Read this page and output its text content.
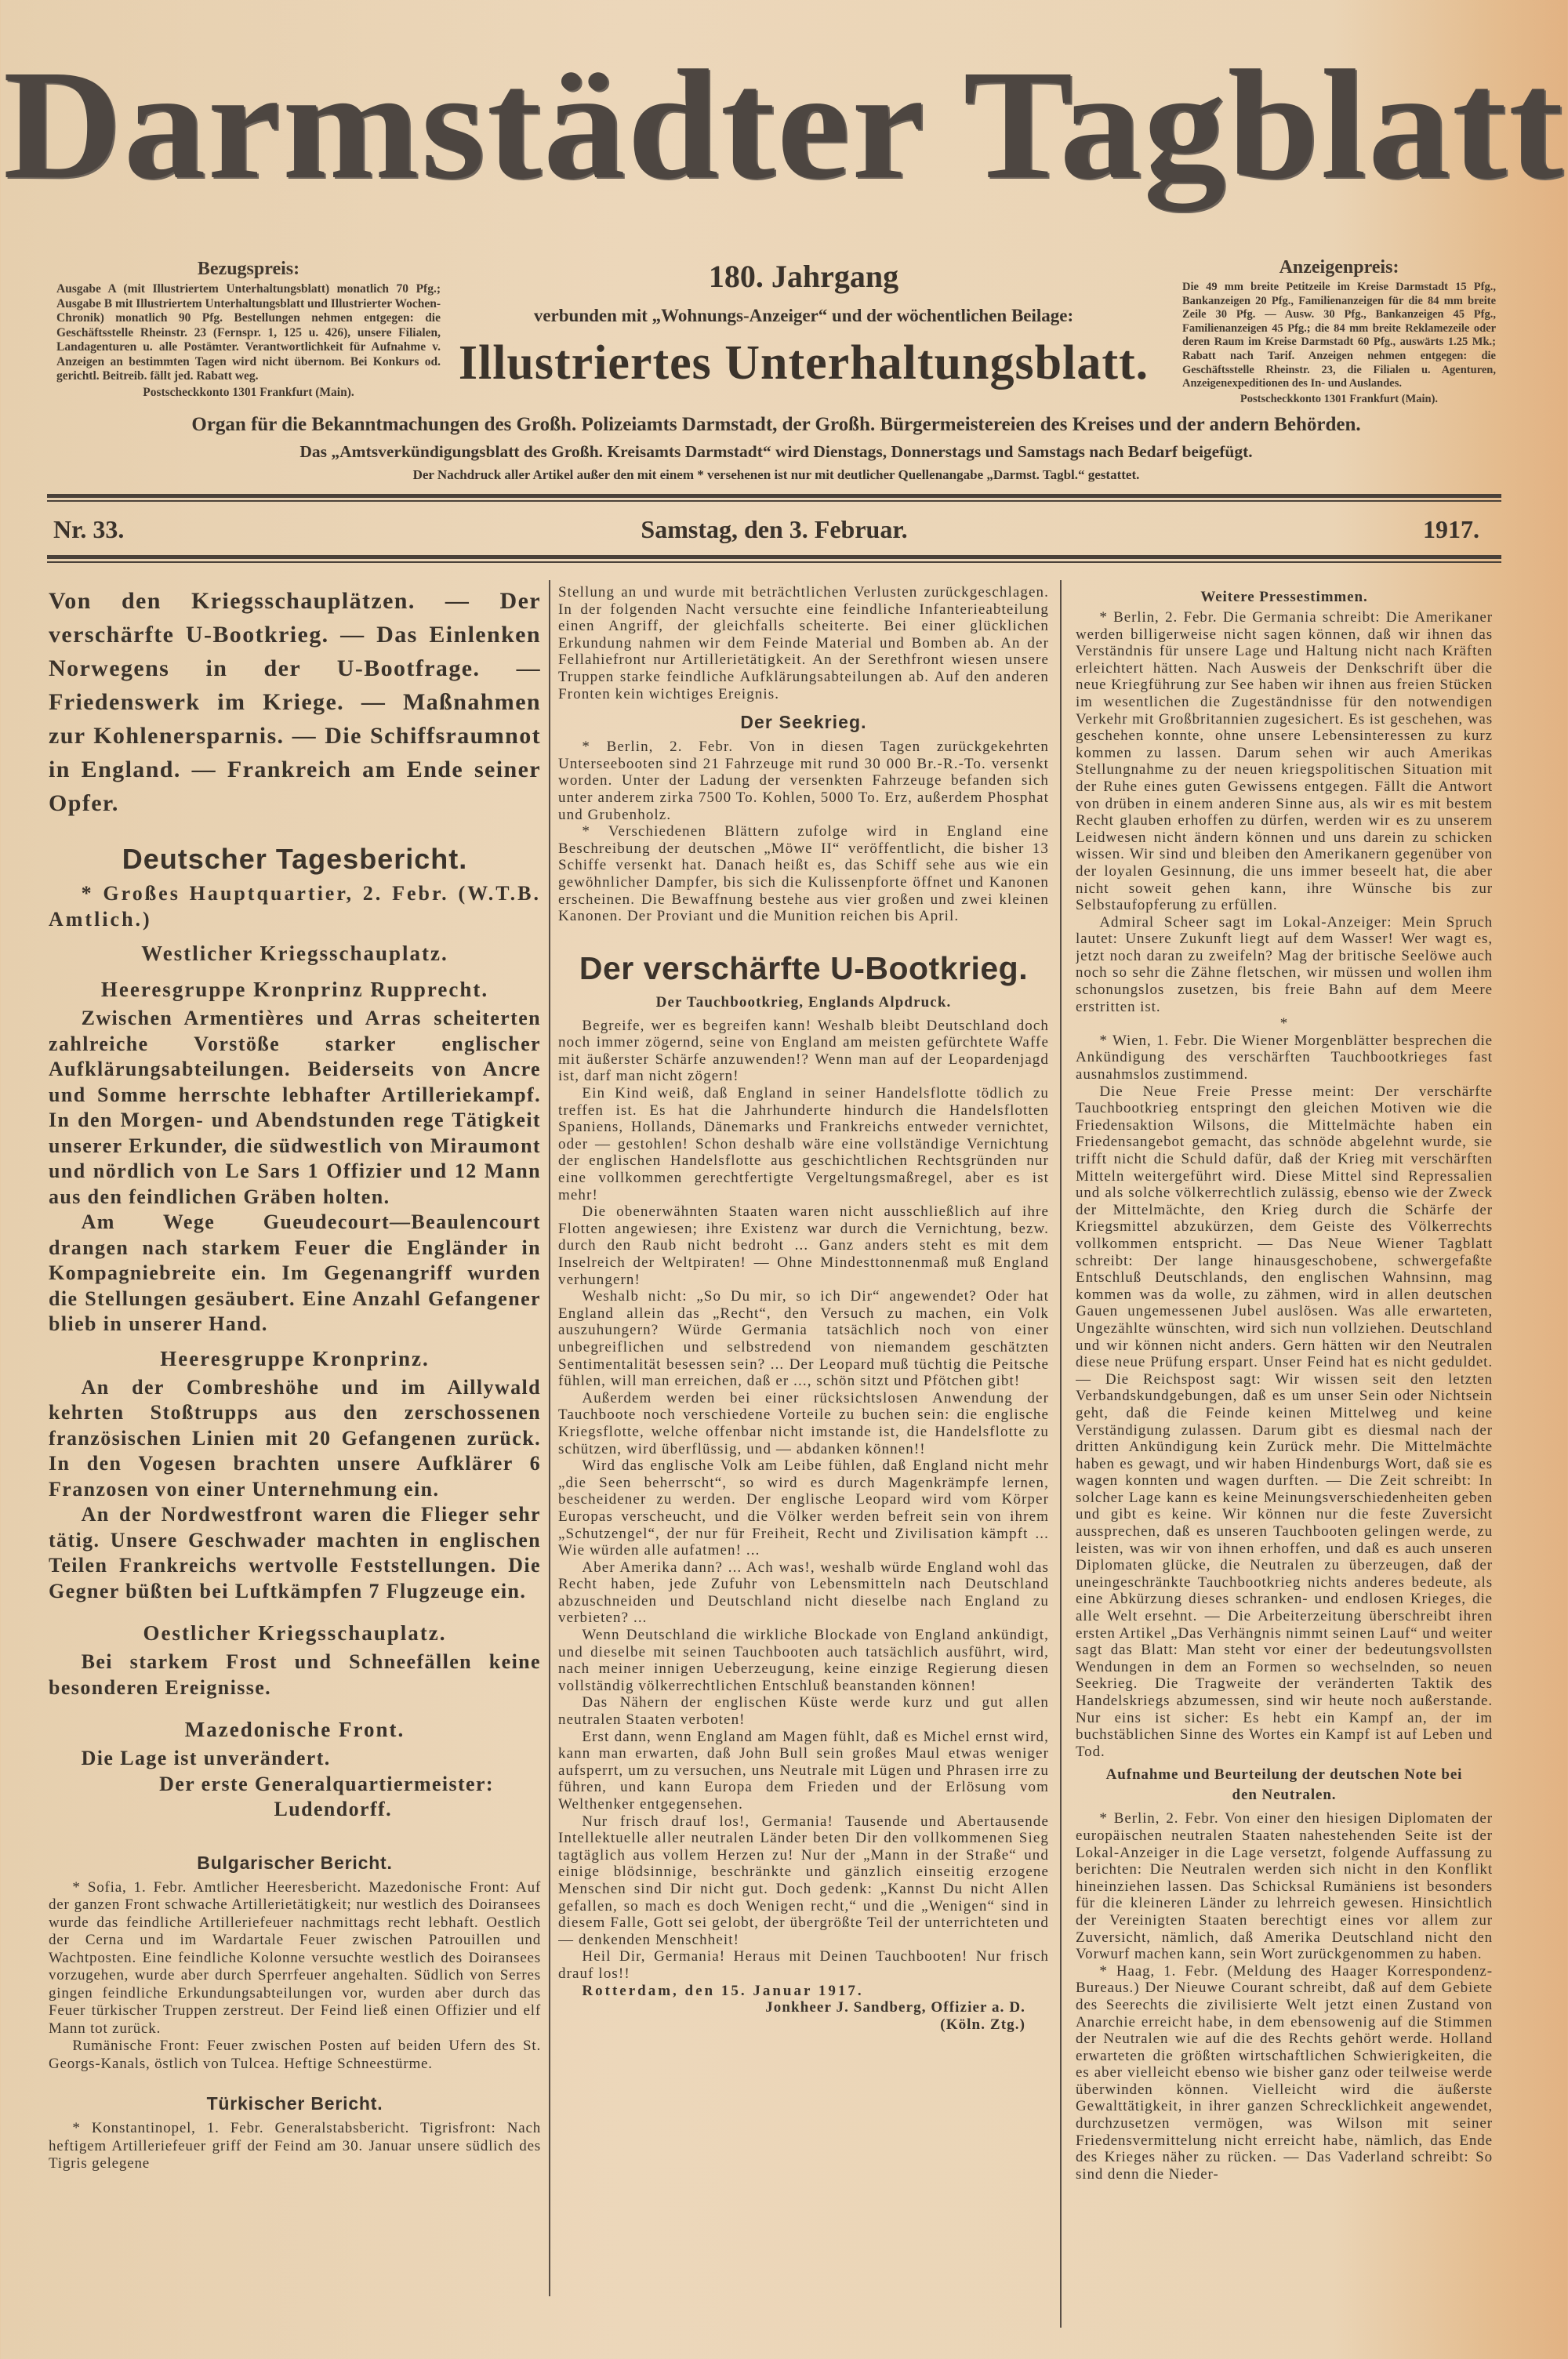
Darmstädter Tagblatt
Bezugspreis:
Ausgabe A (mit Illustriertem Unterhaltungsblatt) monatlich 70 Pfg.; Ausgabe B mit Illustriertem Unterhaltungsblatt und Illustrierter Wochen-Chronik) monatlich 90 Pfg. Bestellungen nehmen entgegen: die Geschäftsstelle Rheinstr. 23 (Fernspr. 1, 125 u. 426), unsere Filialen, Landagenturen u. alle Postämter. Verantwortlichkeit für Aufnahme v. Anzeigen an bestimmten Tagen wird nicht übernom. Bei Konkurs od. gerichtl. Beitreib. fällt jed. Rabatt weg.
Postscheckkonto 1301 Frankfurt (Main).
Anzeigenpreis:
Die 49 mm breite Petitzeile im Kreise Darmstadt 15 Pfg., Bankanzeigen 20 Pfg., Familienanzeigen für die 84 mm breite Zeile 30 Pfg. — Ausw. 30 Pfg., Bankanzeigen 45 Pfg., Familienanzeigen 45 Pfg.; die 84 mm breite Reklamezeile oder deren Raum im Kreise Darmstadt 60 Pfg., auswärts 1.25 Mk.; Rabatt nach Tarif. Anzeigen nehmen entgegen: die Geschäftsstelle Rheinstr. 23, die Filialen u. Agenturen, Anzeigenexpeditionen des In- und Auslandes.
Postscheckkonto 1301 Frankfurt (Main).
180. Jahrgang
verbunden mit „Wohnungs-Anzeiger“ und der wöchentlichen Beilage:
Illustriertes Unterhaltungsblatt.
Organ für die Bekanntmachungen des Großh. Polizeiamts Darmstadt, der Großh. Bürgermeistereien des Kreises und der andern Behörden.
Das „Amtsverkündigungsblatt des Großh. Kreisamts Darmstadt“ wird Dienstags, Donnerstags und Samstags nach Bedarf beigefügt.
Der Nachdruck aller Artikel außer den mit einem * versehenen ist nur mit deutlicher Quellenangabe „Darmst. Tagbl.“ gestattet.
Nr. 33.	Samstag, den 3. Februar.	1917.

Von den Kriegsschauplätzen. — Der verschärfte U-Bootkrieg. — Das Einlenken Norwegens in der U-Bootfrage. — Friedenswerk im Kriege. — Maßnahmen zur Kohlenersparnis. — Die Schiffsraumnot in England. — Frankreich am Ende seiner Opfer.

Deutscher Tagesbericht.

* Großes Hauptquartier, 2. Febr. (W.T.B. Amtlich.)

Westlicher Kriegsschauplatz.
Heeresgruppe Kronprinz Rupprecht.

Zwischen Armentières und Arras scheiterten zahlreiche Vorstöße starker englischer Aufklärungsabteilungen. Beiderseits von Ancre und Somme herrschte lebhafter Artilleriekampf. In den Morgen- und Abendstunden rege Tätigkeit unserer Erkunder, die südwestlich von Miraumont und nördlich von Le Sars 1 Offizier und 12 Mann aus den feindlichen Gräben holten.

Am Wege Gueudecourt—Beaulencourt drangen nach starkem Feuer die Engländer in Kompagniebreite ein. Im Gegenangriff wurden die Stellungen gesäubert. Eine Anzahl Gefangener blieb in unserer Hand.

Heeresgruppe Kronprinz.

An der Combreshöhe und im Aillywald kehrten Stoßtrupps aus den zerschossenen französischen Linien mit 20 Gefangenen zurück. In den Vogesen brachten unsere Aufklärer 6 Franzosen von einer Unternehmung ein.

An der Nordwestfront waren die Flieger sehr tätig. Unsere Geschwader machten in englischen Teilen Frankreichs wertvolle Feststellungen. Die Gegner büßten bei Luftkämpfen 7 Flugzeuge ein.

Oestlicher Kriegsschauplatz.

Bei starkem Frost und Schneefällen keine besonderen Ereignisse.

Mazedonische Front.

Die Lage ist unverändert.

Der erste Generalquartiermeister:
Ludendorff.
Bulgarischer Bericht.

* Sofia, 1. Febr. Amtlicher Heeresbericht. Mazedonische Front: Auf der ganzen Front schwache Artillerietätigkeit; nur westlich des Doiransees wurde das feindliche Artilleriefeuer nachmittags recht lebhaft. Oestlich der Cerna und im Wardartale Feuer zwischen Patrouillen und Wachtposten. Eine feindliche Kolonne versuchte westlich des Doiransees vorzugehen, wurde aber durch Sperrfeuer angehalten. Südlich von Serres gingen feindliche Erkundungsabteilungen vor, wurden aber durch das Feuer türkischer Truppen zerstreut. Der Feind ließ einen Offizier und elf Mann tot zurück.

Rumänische Front: Feuer zwischen Posten auf beiden Ufern des St. Georgs-Kanals, östlich von Tulcea. Heftige Schneestürme.

Türkischer Bericht.

* Konstantinopel, 1. Febr. Generalstabsbericht. Tigrisfront: Nach heftigem Artilleriefeuer griff der Feind am 30. Januar unsere südlich des Tigris gelegene

Stellung an und wurde mit beträchtlichen Verlusten zurückgeschlagen. In der folgenden Nacht versuchte eine feindliche Infanterieabteilung einen Angriff, der gleichfalls scheiterte. Bei einer glücklichen Erkundung nahmen wir dem Feinde Material und Bomben ab. An der Fellahiefront nur Artillerietätigkeit. An der Serethfront wiesen unsere Truppen starke feindliche Aufklärungsabteilungen ab. Auf den anderen Fronten kein wichtiges Ereignis.

Der Seekrieg.

* Berlin, 2. Febr. Von in diesen Tagen zurückgekehrten Unterseebooten sind 21 Fahrzeuge mit rund 30 000 Br.-R.-To. versenkt worden. Unter der Ladung der versenkten Fahrzeuge befanden sich unter anderem zirka 7500 To. Kohlen, 5000 To. Erz, außerdem Phosphat und Grubenholz.

* Verschiedenen Blättern zufolge wird in England eine Beschreibung der deutschen „Möwe II“ veröffentlicht, die bisher 13 Schiffe versenkt hat. Danach heißt es, das Schiff sehe aus wie ein gewöhnlicher Dampfer, bis sich die Kulissenpforte öffnet und Kanonen erscheinen. Die Bewaffnung bestehe aus vier großen und zwei kleinen Kanonen. Der Proviant und die Munition reichen bis April.

Der verschärfte U-Bootkrieg.
Der Tauchbootkrieg, Englands Alpdruck.

Begreife, wer es begreifen kann! Weshalb bleibt Deutschland doch noch immer zögernd, seine von England am meisten gefürchtete Waffe mit äußerster Schärfe anzuwenden!? Wenn man auf der Leopardenjagd ist, darf man nicht zögern!

Ein Kind weiß, daß England in seiner Handelsflotte tödlich zu treffen ist. Es hat die Jahrhunderte hindurch die Handelsflotten Spaniens, Hollands, Dänemarks und Frankreichs entweder vernichtet, oder — gestohlen! Schon deshalb wäre eine vollständige Vernichtung der englischen Handelsflotte aus geschichtlichen Rechtsgründen nur eine vollkommen gerechtfertigte Vergeltungsmaßregel, aber es ist mehr!

Die obenerwähnten Staaten waren nicht ausschließlich auf ihre Flotten angewiesen; ihre Existenz war durch die Vernichtung, bezw. durch den Raub nicht bedroht ... Ganz anders steht es mit dem Inselreich der Weltpiraten! — Ohne Mindesttonnenmaß muß England verhungern!

Weshalb nicht: „So Du mir, so ich Dir“ angewendet? Oder hat England allein das „Recht“, den Versuch zu machen, ein Volk auszuhungern? Würde Germania tatsächlich noch von einer unbegreiflichen und selbstredend von niemandem geschätzten Sentimentalität besessen sein? ... Der Leopard muß tüchtig die Peitsche fühlen, will man erreichen, daß er ..., schön sitzt und Pfötchen gibt!

Außerdem werden bei einer rücksichtslosen Anwendung der Tauchboote noch verschiedene Vorteile zu buchen sein: die englische Kriegsflotte, welche offenbar nicht imstande ist, die Handelsflotte zu schützen, wird überflüssig, und — abdanken können!!

Wird das englische Volk am Leibe fühlen, daß England nicht mehr „die Seen beherrscht“, so wird es durch Magenkrämpfe lernen, bescheidener zu werden. Der englische Leopard wird vom Körper Europas verscheucht, und die Völker werden befreit sein von ihrem „Schutzengel“, der nur für Freiheit, Recht und Zivilisation kämpft ... Wie würden alle aufatmen! ...

Aber Amerika dann? ... Ach was!, weshalb würde England wohl das Recht haben, jede Zufuhr von Lebensmitteln nach Deutschland abzuschneiden und Deutschland nicht dieselbe nach England zu verbieten? ...

Wenn Deutschland die wirkliche Blockade von England ankündigt, und dieselbe mit seinen Tauchbooten auch tatsächlich ausführt, wird, nach meiner innigen Ueberzeugung, keine einzige Regierung diesen vollständig völkerrechtlichen Entschluß beanstanden können!

Das Nähern der englischen Küste werde kurz und gut allen neutralen Staaten verboten!

Erst dann, wenn England am Magen fühlt, daß es Michel ernst wird, kann man erwarten, daß John Bull sein großes Maul etwas weniger aufsperrt, um zu versuchen, uns Neutrale mit Lügen und Phrasen irre zu führen, und kann Europa dem Frieden und der Erlösung vom Welthenker entgegensehen.

Nur frisch drauf los!, Germania! Tausende und Abertausende Intellektuelle aller neutralen Länder beten Dir den vollkommenen Sieg tagtäglich aus vollem Herzen zu! Nur der „Mann in der Straße“ und einige blödsinnige, beschränkte und gänzlich einseitig erzogene Menschen sind Dir nicht gut. Doch gedenk: „Kannst Du nicht Allen gefallen, so mach es doch Wenigen recht,“ und die „Wenigen“ sind in diesem Falle, Gott sei gelobt, der übergrößte Teil der unterrichteten und — denkenden Menschheit!

Heil Dir, Germania! Heraus mit Deinen Tauchbooten! Nur frisch drauf los!!

Rotterdam, den 15. Januar 1917.

Jonkheer J. Sandberg, Offizier a. D.
(Köln. Ztg.)
Weitere Pressestimmen.

* Berlin, 2. Febr. Die Germania schreibt: Die Amerikaner werden billigerweise nicht sagen können, daß wir ihnen das Verständnis für unsere Lage und Haltung nicht nach Kräften erleichtert hätten. Nach Ausweis der Denkschrift über die neue Kriegführung zur See haben wir ihnen aus freien Stücken im wesentlichen die Zugeständnisse für den notwendigen Verkehr mit Großbritannien zugesichert. Es ist geschehen, was geschehen konnte, ohne unsere Lebensinteressen zu kurz kommen zu lassen. Darum sehen wir auch Amerikas Stellungnahme zu der neuen kriegspolitischen Situation mit der Ruhe eines guten Gewissens entgegen. Fällt die Antwort von drüben in einem anderen Sinne aus, als wir es mit bestem Recht glauben erhoffen zu dürfen, werden wir es zu unserem Leidwesen nicht ändern können und uns darein zu schicken wissen. Wir sind und bleiben den Amerikanern gegenüber von der loyalen Gesinnung, die uns immer beseelt hat, die aber nicht soweit gehen kann, ihre Wünsche bis zur Selbstaufopferung zu erfüllen.

Admiral Scheer sagt im Lokal-Anzeiger: Mein Spruch lautet: Unsere Zukunft liegt auf dem Wasser! Wer wagt es, jetzt noch daran zu zweifeln? Mag der britische Seelöwe auch noch so sehr die Zähne fletschen, wir müssen und wollen ihm schonungslos zusetzen, bis freie Bahn auf dem Meere erstritten ist.

*

* Wien, 1. Febr. Die Wiener Morgenblätter besprechen die Ankündigung des verschärften Tauchbootkrieges fast ausnahmslos zustimmend.

Die Neue Freie Presse meint: Der verschärfte Tauchbootkrieg entspringt den gleichen Motiven wie die Friedensaktion Wilsons, die Mittelmächte haben ein Friedensangebot gemacht, das schnöde abgelehnt wurde, sie trifft nicht die Schuld dafür, daß der Krieg mit verschärften Mitteln weitergeführt wird. Diese Mittel sind Repressalien und als solche völkerrechtlich zulässig, ebenso wie der Zweck der Mittelmächte, den Krieg durch die Schärfe der Kriegsmittel abzukürzen, dem Geiste des Völkerrechts vollkommen entspricht. — Das Neue Wiener Tagblatt schreibt: Der lange hinausgeschobene, schwergefaßte Entschluß Deutschlands, den englischen Wahnsinn, mag kommen was da wolle, zu zähmen, wird in allen deutschen Gauen ungemessenen Jubel auslösen. Was alle erwarteten, Ungezählte wünschten, wird sich nun vollziehen. Deutschland und wir können nicht anders. Gern hätten wir den Neutralen diese neue Prüfung erspart. Unser Feind hat es nicht geduldet. — Die Reichspost sagt: Wir wissen seit den letzten Verbandskundgebungen, daß es um unser Sein oder Nichtsein geht, daß die Feinde keinen Mittelweg und keine Verständigung zulassen. Darum gibt es diesmal nach der dritten Ankündigung kein Zurück mehr. Die Mittelmächte haben es gewagt, und wir haben Hindenburgs Wort, daß sie es wagen konnten und wagen durften. — Die Zeit schreibt: In solcher Lage kann es keine Meinungsverschiedenheiten geben und gibt es keine. Wir können nur die feste Zuversicht aussprechen, daß es unseren Tauchbooten gelingen werde, zu leisten, was wir von ihnen erhoffen, und daß es auch unseren Diplomaten glücke, die Neutralen zu überzeugen, daß der uneingeschränkte Tauchbootkrieg nichts anderes bedeute, als eine Abkürzung dieses schranken- und endlosen Krieges, die alle Welt ersehnt. — Die Arbeiterzeitung überschreibt ihren ersten Artikel „Das Verhängnis nimmt seinen Lauf“ und weiter sagt das Blatt: Man steht vor einer der bedeutungsvollsten Wendungen in dem an Formen so wechselnden, so neuen Seekrieg. Die Tragweite der veränderten Taktik des Handelskriegs abzumessen, sind wir heute noch außerstande. Nur eins ist sicher: Es hebt ein Kampf an, der im buchstäblichen Sinne des Wortes ein Kampf ist auf Leben und Tod.

Aufnahme und Beurteilung der deutschen Note bei den Neutralen.

* Berlin, 2. Febr. Von einer den hiesigen Diplomaten der europäischen neutralen Staaten nahestehenden Seite ist der Lokal-Anzeiger in die Lage versetzt, folgende Auffassung zu berichten: Die Neutralen werden sich nicht in den Konflikt hineinziehen lassen. Das Schicksal Rumäniens ist besonders für die kleineren Länder zu lehrreich gewesen. Hinsichtlich der Vereinigten Staaten berechtigt eines vor allem zur Zuversicht, nämlich, daß Amerika Deutschland nicht den Vorwurf machen kann, sein Wort zurückgenommen zu haben.

* Haag, 1. Febr. (Meldung des Haager Korrespondenz-Bureaus.) Der Nieuwe Courant schreibt, daß auf dem Gebiete des Seerechts die zivilisierte Welt jetzt einen Zustand von Anarchie erreicht habe, in dem ebensowenig auf die Stimmen der Neutralen wie auf die des Rechts gehört werde. Holland erwarteten die größten wirtschaftlichen Schwierigkeiten, die es aber vielleicht ebenso wie bisher ganz oder teilweise werde überwinden können. Vielleicht wird die äußerste Gewalttätigkeit, in ihrer ganzen Schrecklichkeit angewendet, durchzusetzen vermögen, was Wilson mit seiner Friedensvermittelung nicht erreicht habe, nämlich, das Ende des Krieges näher zu rücken. — Das Vaderland schreibt: So sind denn die Nieder-
